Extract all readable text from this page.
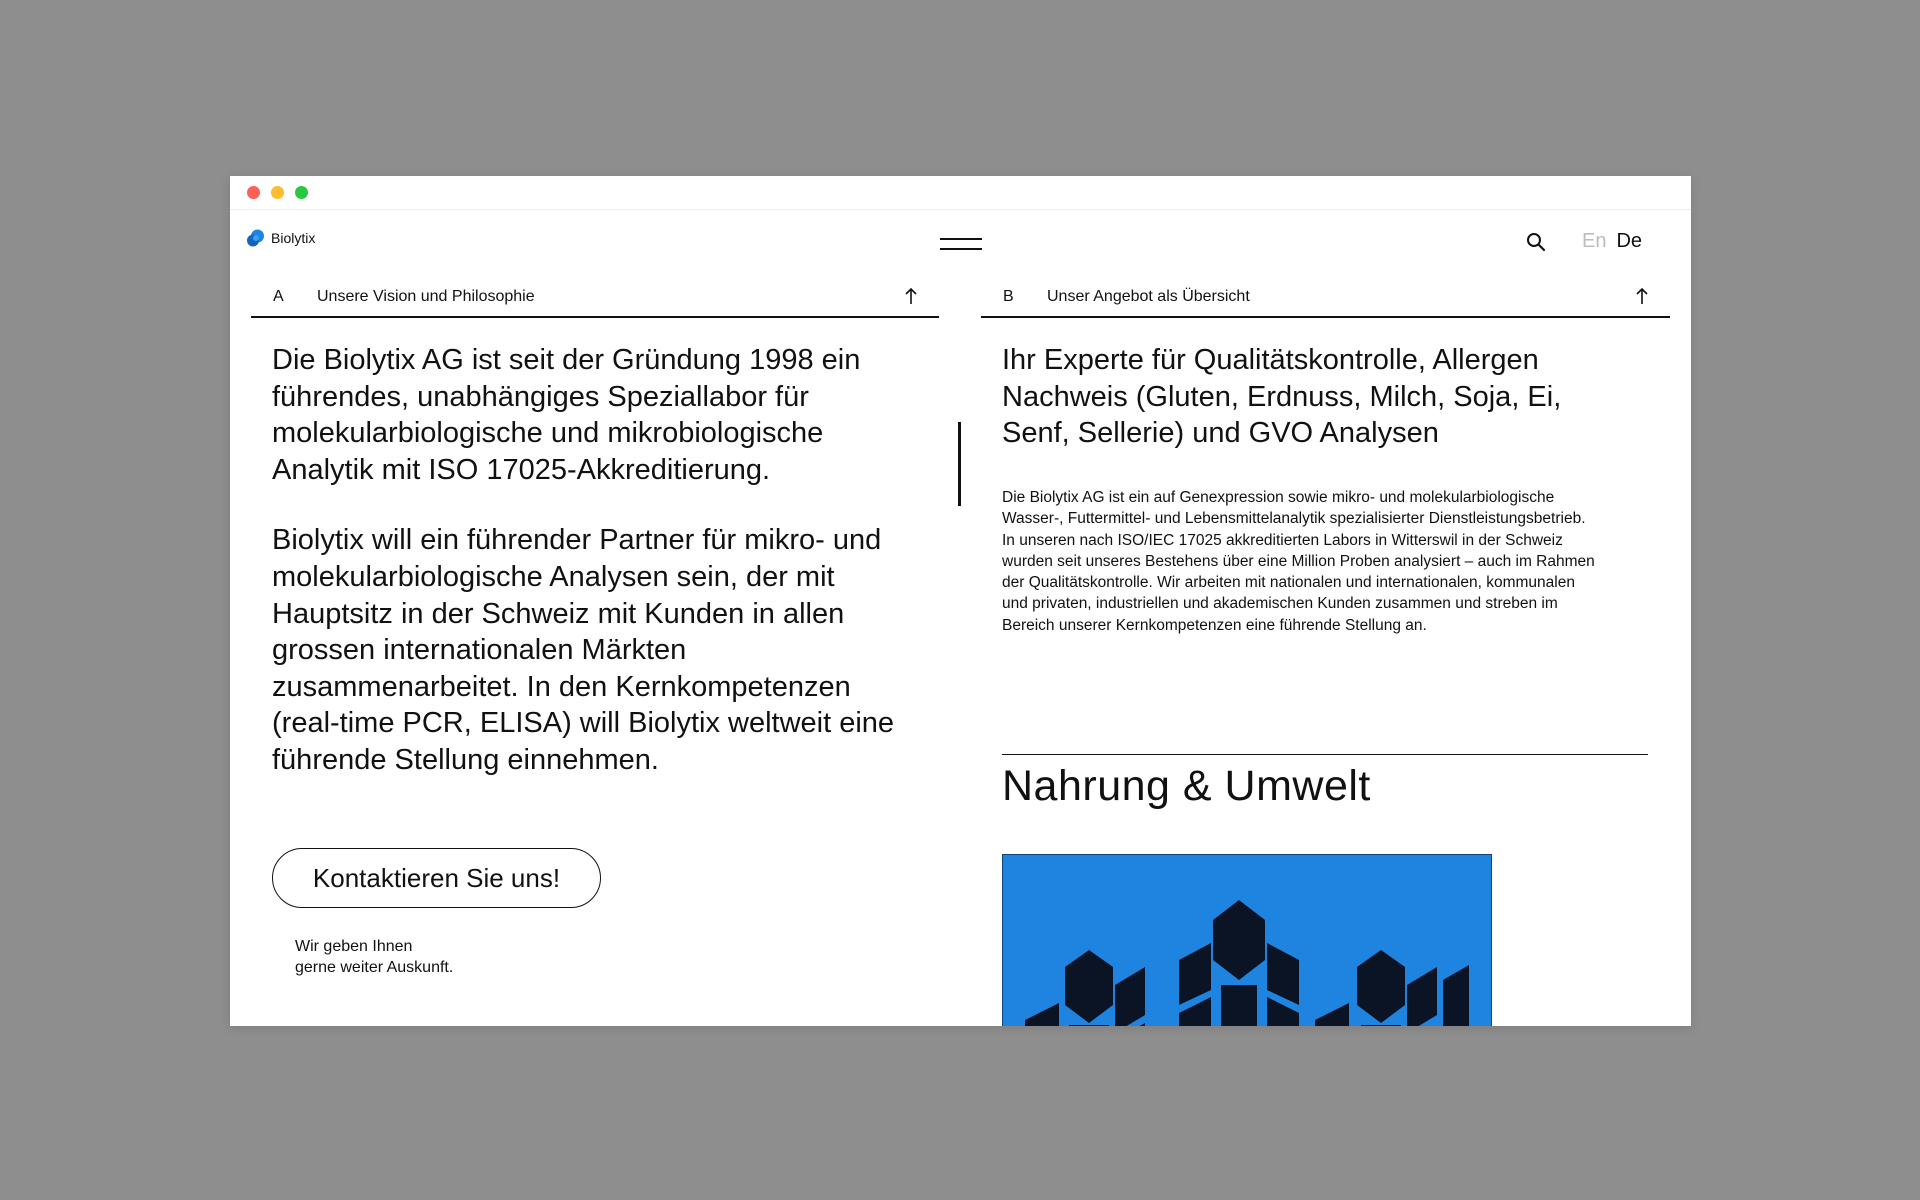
Biolytix	En De
A Unsere Vision und Philosophie

Die Biolytix AG ist seit der Gründung 1998 ein führendes, unabhängiges Speziallabor für molekularbiologische und mikrobiologische Analytik mit ISO 17025-Akkreditierung.

Biolytix will ein führender Partner für mikro- und molekularbiologische Analysen sein, der mit Hauptsitz in der Schweiz mit Kunden in allen grossen internationalen Märkten zusammenarbeitet. In den Kernkompetenzen (real-time PCR, ELISA) will Biolytix weltweit eine führende Stellung einnehmen.

Kontaktieren Sie uns!
Wir geben Ihnen
gerne weiter Auskunft.
B Unser Angebot als Übersicht
Ihr Experte für Qualitätskontrolle, Allergen Nachweis (Gluten, Erdnuss, Milch, Soja, Ei, Senf, Sellerie) und GVO Analysen
Die Biolytix AG ist ein auf Genexpression sowie mikro- und molekularbiologische Wasser-, Futtermittel- und Lebensmittelanalytik spezialisierter Dienstleistungsbetrieb. In unseren nach ISO/IEC 17025 akkreditierten Labors in Witterswil in der Schweiz wurden seit unseres Bestehens über eine Million Proben analysiert – auch im Rahmen der Qualitätskontrolle. Wir arbeiten mit nationalen und internationalen, kommunalen und privaten, industriellen und akademischen Kunden zusammen und streben im Bereich unserer Kernkompetenzen eine führende Stellung an.
Nahrung & Umwelt
